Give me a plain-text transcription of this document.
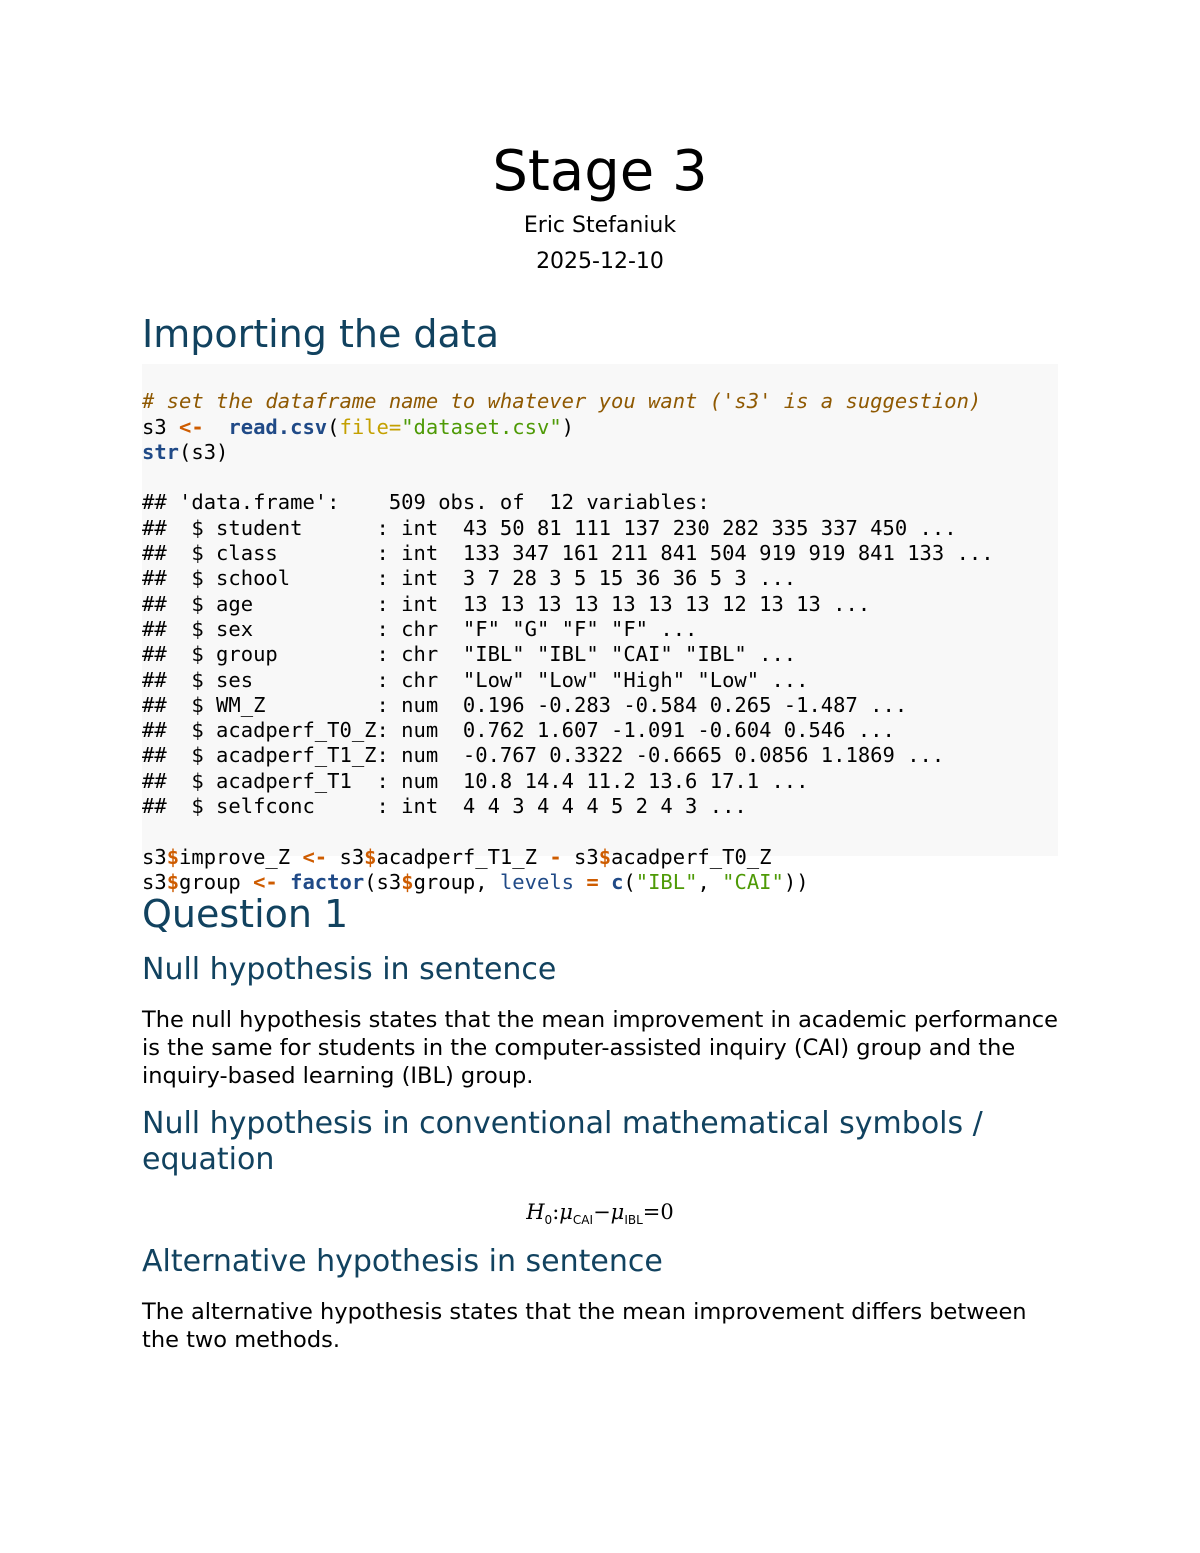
Stage 3
Eric Stefaniuk
2025-12-10
Importing the data

# set the dataframe name to whatever you want ('s3' is a suggestion)
s3 <- read.csv(file="dataset.csv")
str(s3)
## 'data.frame':    509 obs. of  12 variables:
##  $ student      : int  43 50 81 111 137 230 282 335 337 450 ...
##  $ class        : int  133 347 161 211 841 504 919 919 841 133 ...
##  $ school       : int  3 7 28 3 5 15 36 36 5 3 ...
##  $ age          : int  13 13 13 13 13 13 13 12 13 13 ...
##  $ sex          : chr  "F" "G" "F" "F" ...
##  $ group        : chr  "IBL" "IBL" "CAI" "IBL" ...
##  $ ses          : chr  "Low" "Low" "High" "Low" ...
##  $ WM_Z         : num  0.196 -0.283 -0.584 0.265 -1.487 ...
##  $ acadperf_T0_Z: num  0.762 1.607 -1.091 -0.604 0.546 ...
##  $ acadperf_T1_Z: num  -0.767 0.3322 -0.6665 0.0856 1.1869 ...
##  $ acadperf_T1  : num  10.8 14.4 11.2 13.6 17.1 ...
##  $ selfconc     : int  4 4 3 4 4 4 5 2 4 3 ...
s3$improve_Z <- s3$acadperf_T1_Z - s3$acadperf_T0_Z
s3$group <- factor(s3$group, levels = c("IBL", "CAI"))

Question 1
Null hypothesis in sentence

The null hypothesis states that the mean improvement in academic performance is the same for students in the computer-assisted inquiry (CAI) group and the inquiry-based learning (IBL) group.

Null hypothesis in conventional mathematical symbols / equation
$H_0:\mu_{CAI}-\mu_{IBL}=0$
Alternative hypothesis in sentence

The alternative hypothesis states that the mean improvement differs between the two methods.
